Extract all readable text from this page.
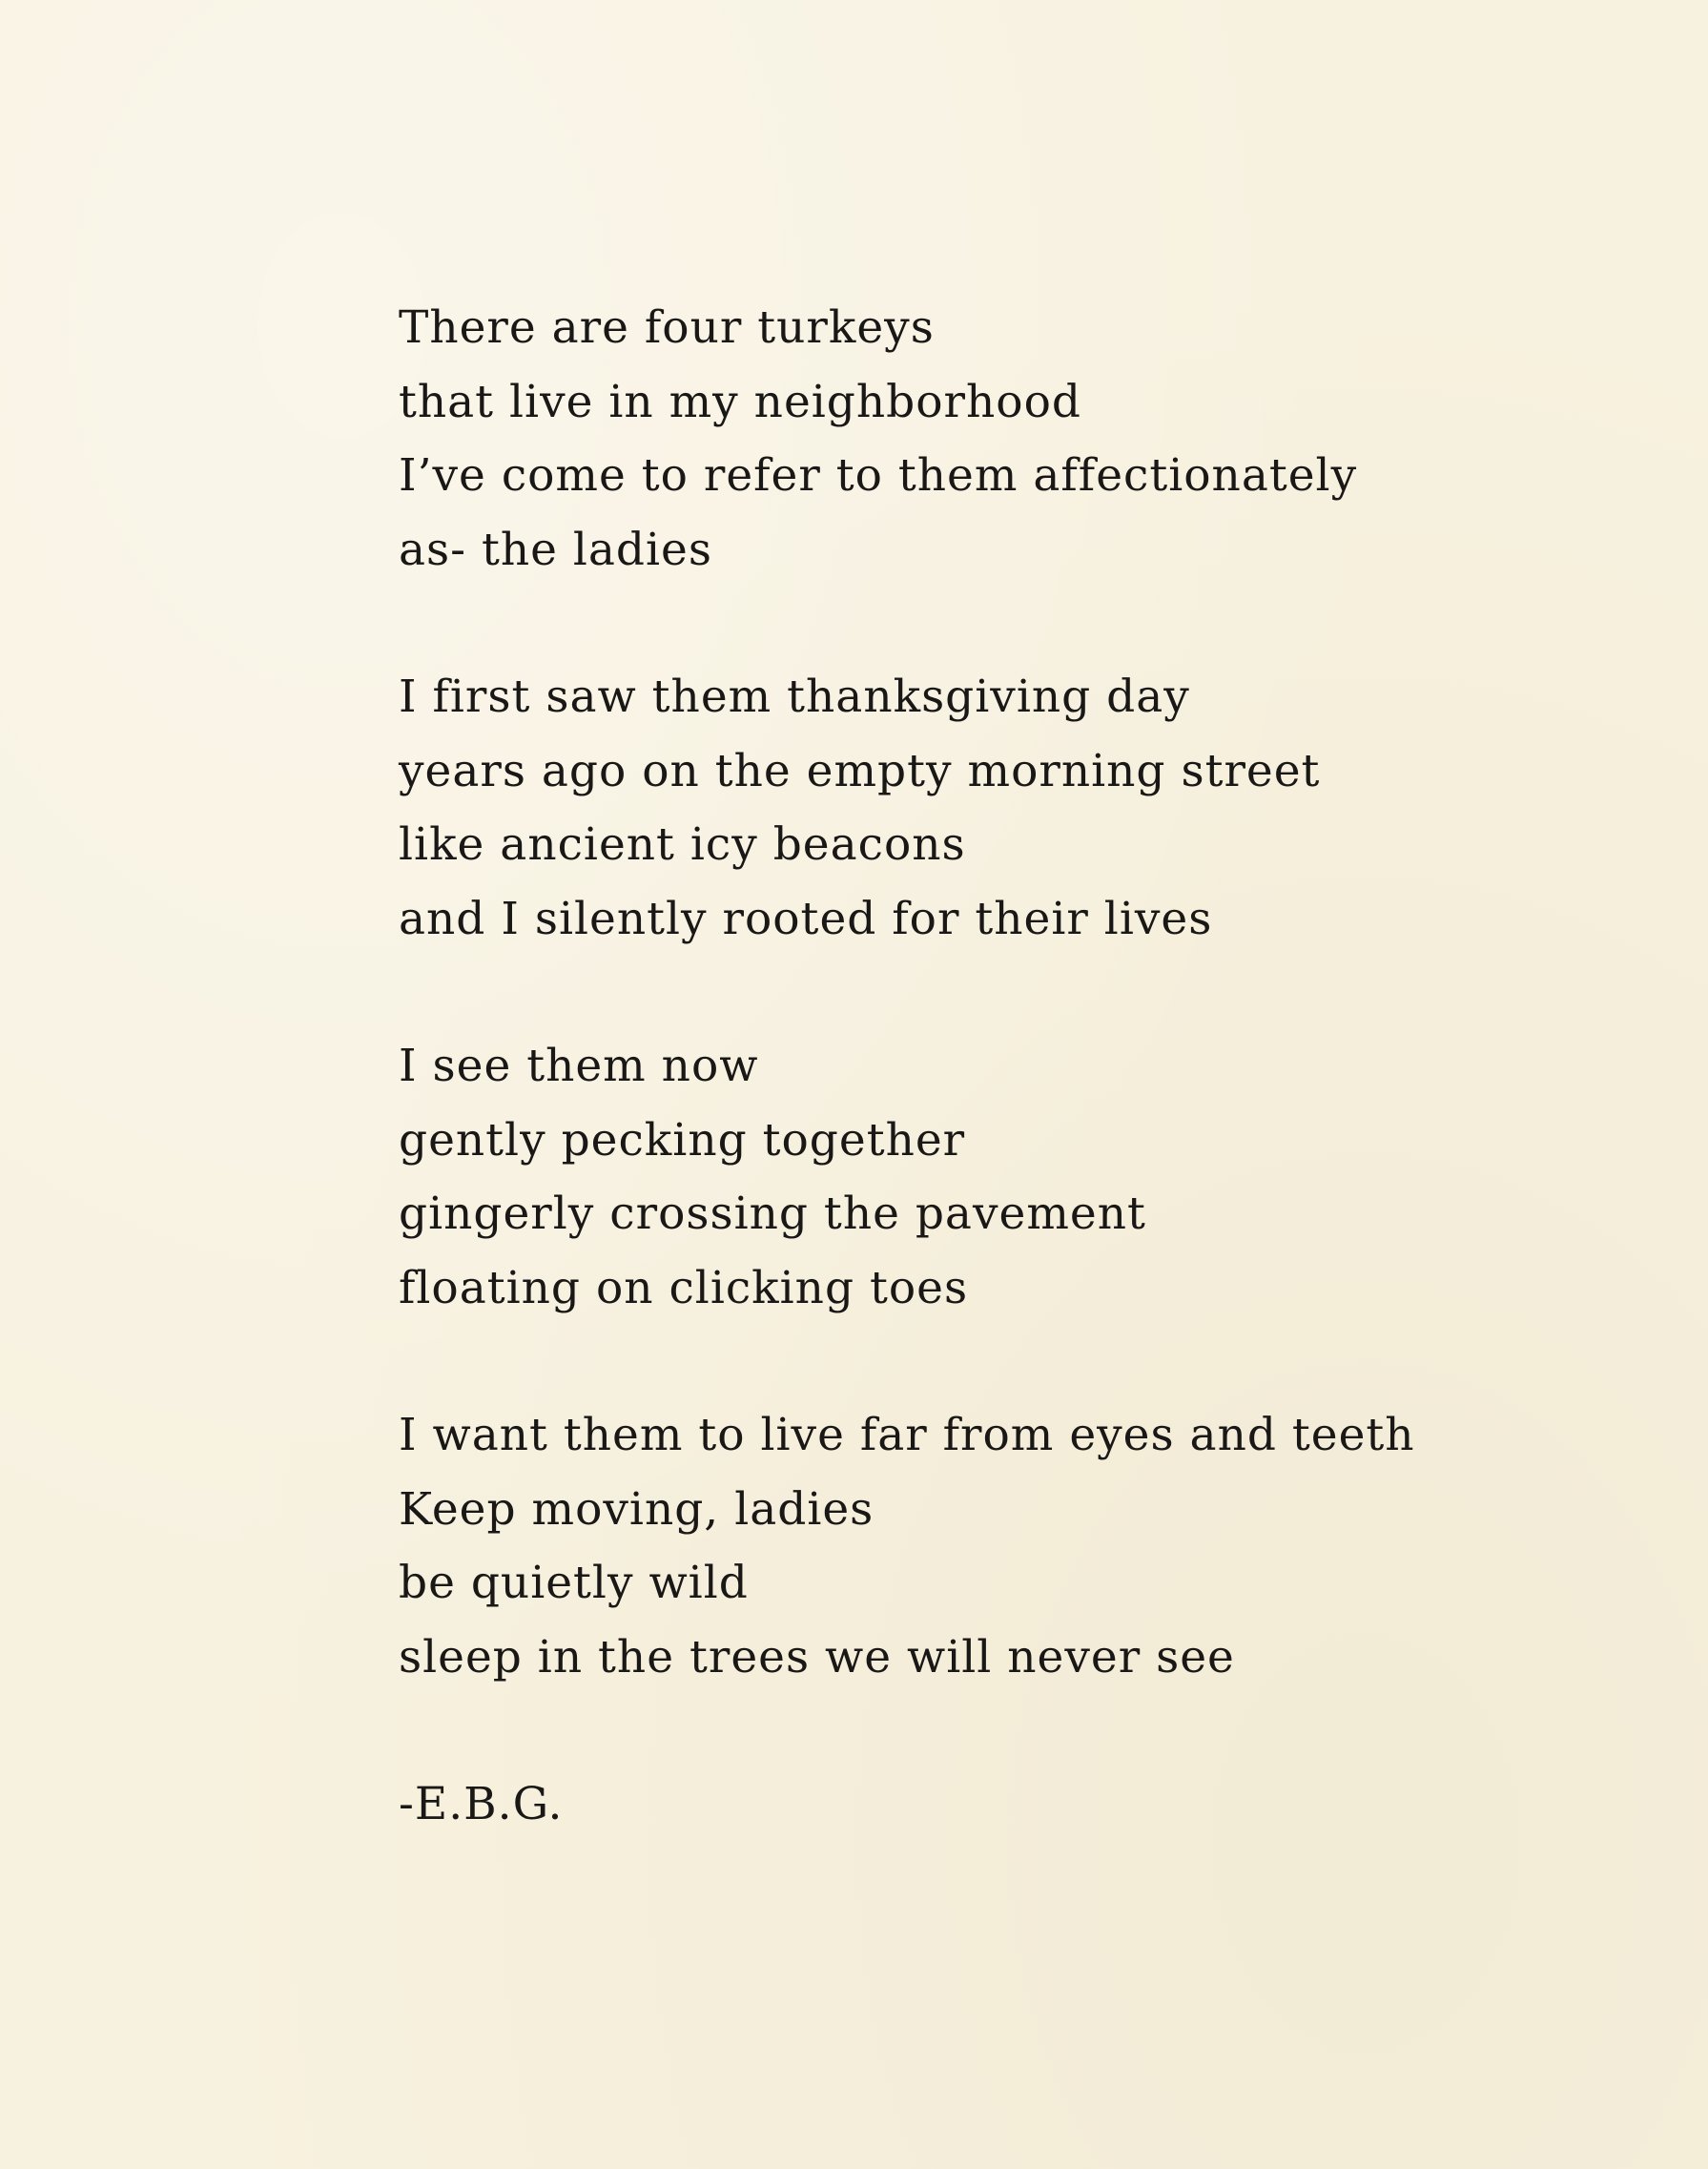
There are four turkeys
that live in my neighborhood
I’ve come to refer to them affectionately
as- the ladies
I first saw them thanksgiving day
years ago on the empty morning street
like ancient icy beacons
and I silently rooted for their lives
I see them now
gently pecking together
gingerly crossing the pavement
floating on clicking toes
I want them to live far from eyes and teeth
Keep moving, ladies
be quietly wild
sleep in the trees we will never see
-E.B.G.
